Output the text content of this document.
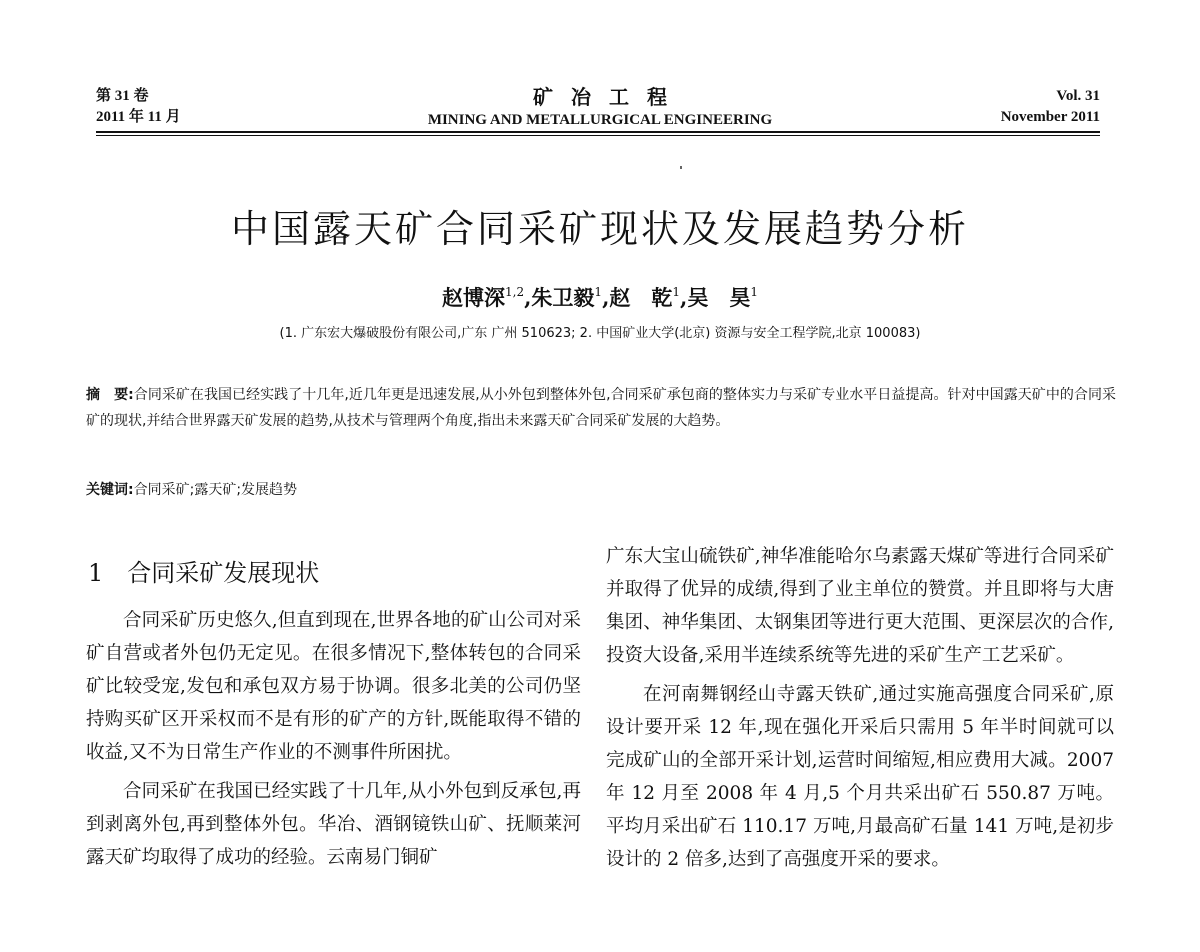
第 31 卷
2011 年 11 月
矿冶工程
MINING AND METALLURGICAL ENGINEERING
Vol. 31
November 2011
中国露天矿合同采矿现状及发展趋势分析
赵博深$^{1,2}$,朱卫毅$^1$,赵　乾$^1$,吴　昊$^1$
(1. 广东宏大爆破股份有限公司,广东 广州 510623; 2. 中国矿业大学(北京) 资源与安全工程学院,北京 100083)
摘　要:合同采矿在我国已经实践了十几年,近几年更是迅速发展,从小外包到整体外包,合同采矿承包商的整体实力与采矿专业水平日益提高。针对中国露天矿中的合同采矿的现状,并结合世界露天矿发展的趋势,从技术与管理两个角度,指出未来露天矿合同采矿发展的大趋势。
关键词:合同采矿;露天矿;发展趋势
1 合同采矿发展现状

合同采矿历史悠久,但直到现在,世界各地的矿山公司对采矿自营或者外包仍无定见。在很多情况下,整体转包的合同采矿比较受宠,发包和承包双方易于协调。很多北美的公司仍坚持购买矿区开采权而不是有形的矿产的方针,既能取得不错的收益,又不为日常生产作业的不测事件所困扰。

合同采矿在我国已经实践了十几年,从小外包到反承包,再到剥离外包,再到整体外包。华冶、酒钢镜铁山矿、抚顺莱河露天矿均取得了成功的经验。云南易门铜矿

广东大宝山硫铁矿,神华准能哈尔乌素露天煤矿等进行合同采矿并取得了优异的成绩,得到了业主单位的赞赏。并且即将与大唐集团、神华集团、太钢集团等进行更大范围、更深层次的合作,投资大设备,采用半连续系统等先进的采矿生产工艺采矿。

在河南舞钢经山寺露天铁矿,通过实施高强度合同采矿,原设计要开采 12 年,现在强化开采后只需用 5 年半时间就可以完成矿山的全部开采计划,运营时间缩短,相应费用大减。2007 年 12 月至 2008 年 4 月,5 个月共采出矿石 550.87 万吨。平均月采出矿石 110.17 万吨,月最高矿石量 141 万吨,是初步设计的 2 倍多,达到了高强度开采的要求。
